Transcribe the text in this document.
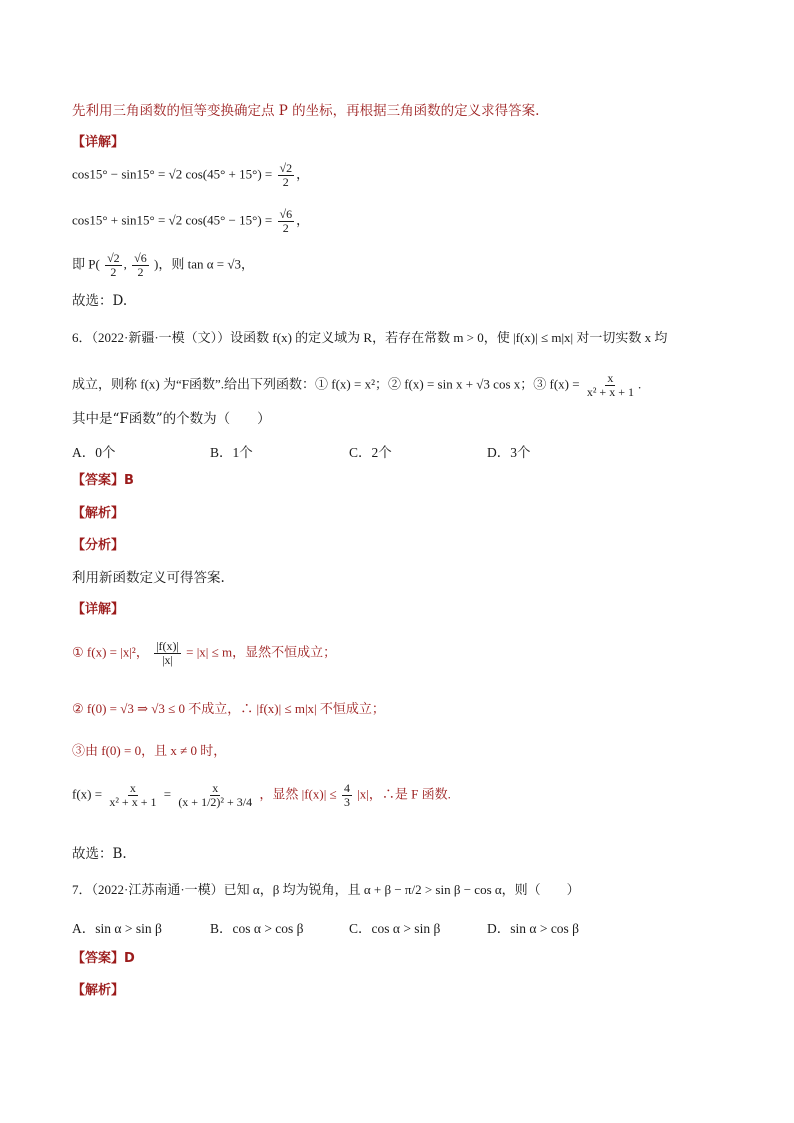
先利用三角函数的恒等变换确定点 P 的坐标，再根据三角函数的定义求得答案.
【详解】
cos15° − sin15° = √2 $\cos(45^\circ + 15^\circ) = \frac{√2}{2}$ ，
cos15° + sin15° = √2 $\cos(45^\circ - 15^\circ) = \frac{√6}{2}$ ，
即 $P( \frac{√2}{2}$ , $\frac{√6}{2}$ )，则 tan α = √3，
故选：D.
6．（2022·新疆·一模（文））设函数 f(x) 的定义域为 R，若存在常数 m > 0，使 |f(x)| ≤ m|x| 对一切实数 x 均
成立，则称 f(x) 为“F函数”.给出下列函数：① f(x) = x²；② f(x) = sin x + √3 cos x；③ $f(x) = \frac{x}{\text{x² + x + 1}}$ .
其中是“F函数”的个数为（　　）
A．0个	B．1个	C．2个	D．3个
【答案】B
【解析】
【分析】
利用新函数定义可得答案.
【详解】
① f(x) = |x|²， $\frac{|f(x)|}{|x|} = |x| \le m$，显然不恒成立；
② f(0) = √3 ⇒ √3 ≤ 0 不成立，∴ |f(x)| ≤ m|x| 不恒成立；
③由 f(0) = 0，且 x ≠ 0 时，
$f(x) = \frac{x}{\text{x² + x + 1}} = \frac{x}{\text{(x + 1/2)² + 3/4}}$ ，显然 $|f(x)| \le \frac{4}{3} |x|$，∴是 F 函数.
故选：B.
7．（2022·江苏南通·一模）已知 α，β 均为锐角，且 α + β − π/2 > sin β − cos α，则（　　）
A．sin α > sin β	B．cos α > cos β	C．cos α > sin β	D．sin α > cos β
【答案】D
【解析】
